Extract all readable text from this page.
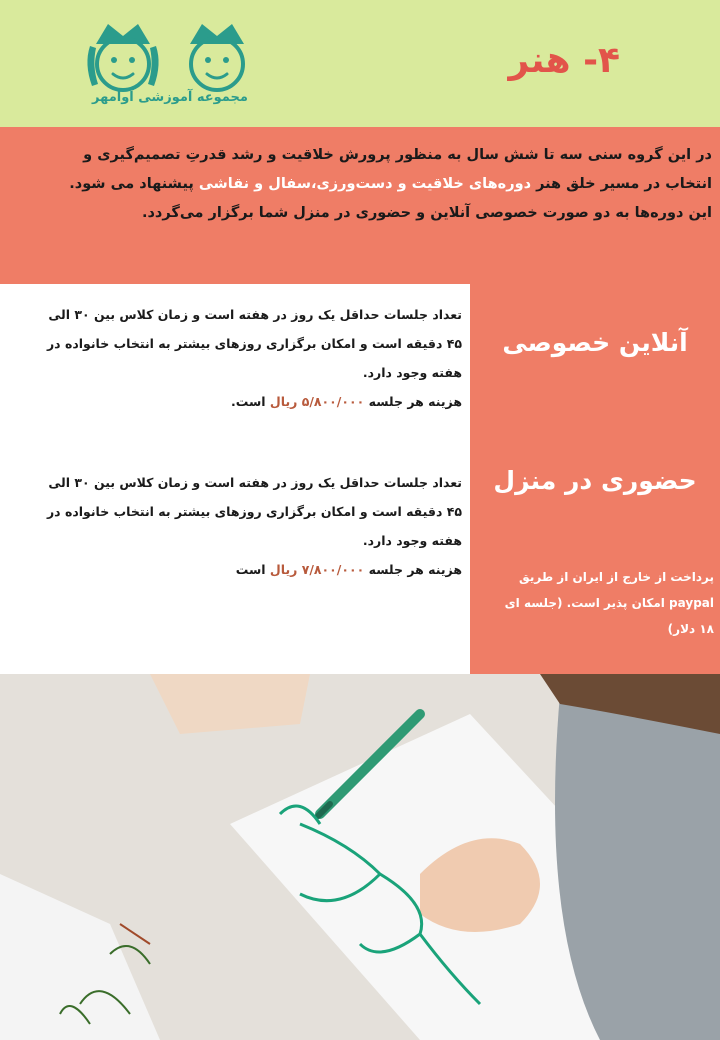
مجموعه آموزشی آوامهر
۴- هنر
در این گروه سنی سه تا شش سال به منظور پرورش خلاقیت و رشد قدرتِ تصمیم‌گیری و
انتخاب در مسیر خلق هنر دوره‌های خلاقیت و دست‌ورزی،سفال و نقاشی پیشنهاد می شود.
این دوره‌ها به دو صورت خصوصی آنلاین و حضوری در منزل شما برگزار می‌گردد.
تعداد جلسات حداقل یک روز در هفته است و زمان کلاس بین ۳۰ الی
۴۵ دقیقه است و امکان برگزاری روزهای بیشتر به انتخاب خانواده در
هفته وجود دارد.
هزینه هر جلسه ۵/۸۰۰/۰۰۰ ریال است.
تعداد جلسات حداقل یک روز در هفته است و زمان کلاس بین ۳۰ الی
۴۵ دقیقه است و امکان برگزاری روزهای بیشتر به انتخاب خانواده در
هفته وجود دارد.
هزینه هر جلسه ۷/۸۰۰/۰۰۰ ریال است
آنلاین خصوصی
حضوری در منزل
پرداخت از خارج از ایران از طریق
paypal امکان پذیر است. (جلسه ای
۱۸ دلار)
